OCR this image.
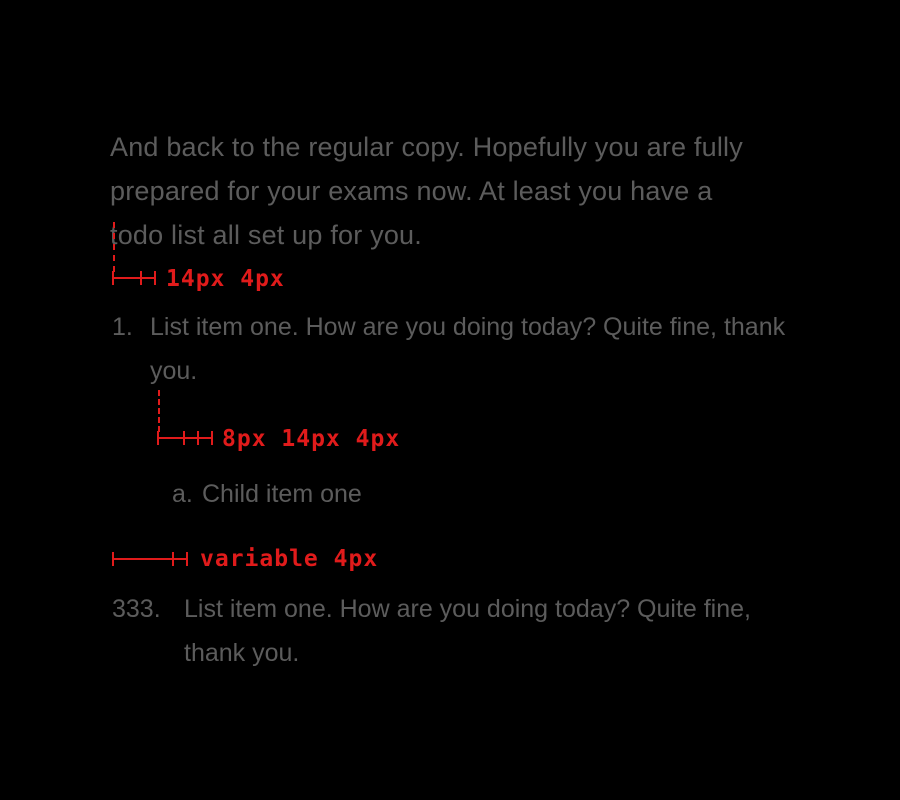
And back to the regular copy. Hopefully you are fully prepared for your exams now. At least you have a todo list all set up for you.

14px 4px
1. List item one. How are you doing today? Quite fine, thank you.
8px 14px 4px
a. Child item one
variable 4px
333. List item one. How are you doing today? Quite fine, thank you.
